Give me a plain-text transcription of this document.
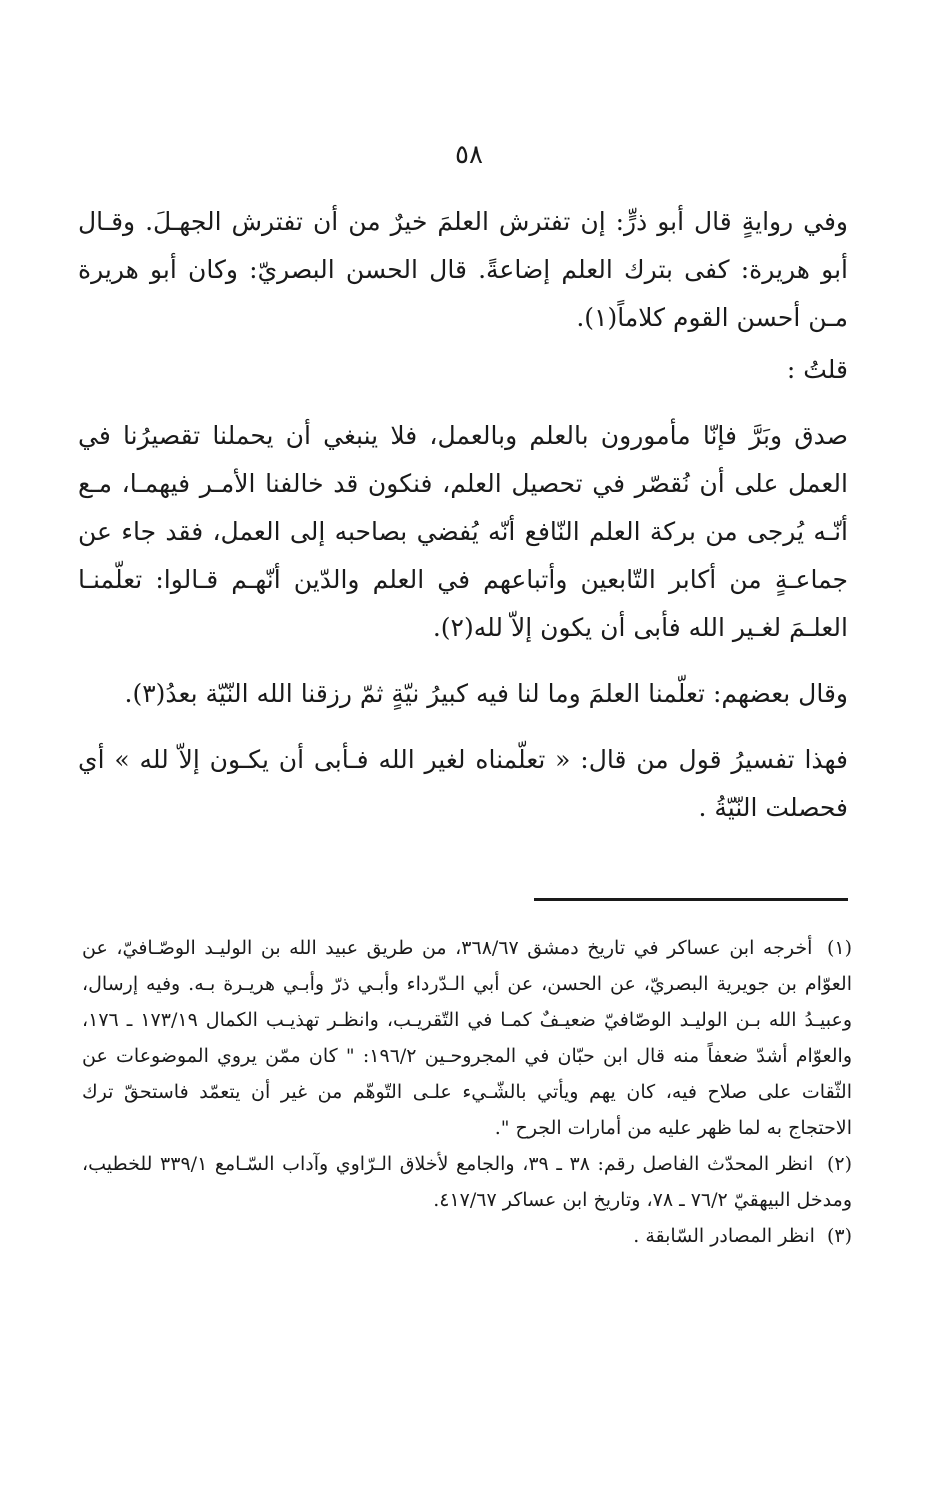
٥٨

وفي روايةٍ قال أبو ذرٍّ: إن تفترش العلمَ خيرٌ من أن تفترش الجهـلَ. وقـال أبو هريرة: كفى بترك العلم إضاعةً. قال الحسن البصريّ: وكان أبو هريرة مـن أحسن القوم كلاماً(١).

قلتُ :

صدق وبَرَّ فإنّا مأمورون بالعلم وبالعمل، فلا ينبغي أن يحملنا تقصيرُنا في العمل على أن نُقصّر في تحصيل العلم، فنكون قد خالفنا الأمـر فيهمـا، مـع أنّـه يُرجى من بركة العلم النّافع أنّه يُفضي بصاحبه إلى العمل، فقد جاء عن جماعـةٍ من أكابر التّابعين وأتباعهم في العلم والدّين أنّهـم قـالوا: تعلّمنـا العلـمَ لغـير الله فأبى أن يكون إلاّ لله(٢).

وقال بعضهم: تعلّمنا العلمَ وما لنا فيه كبيرُ نيّةٍ ثمّ رزقنا الله النّيّة بعدُ(٣).

فهذا تفسيرُ قول من قال: « تعلّمناه لغير الله فـأبى أن يكـون إلاّ لله » أي فحصلت النّيّةُ .

(١) أخرجه ابن عساكر في تاريخ دمشق ٣٦٨/٦٧، من طريق عبيد الله بن الوليـد الوصّـافيّ، عن العوّام بن جويرية البصريّ، عن الحسن، عن أبي الـدّرداء وأبـي ذرّ وأبـي هريـرة بـه. وفيه إرسال، وعبيـدُ الله بـن الوليـد الوصّافيّ ضعيـفٌ كمـا في التّقريـب، وانظـر تهذيـب الكمال ١٧٣/١٩ ـ ١٧٦، والعوّام أشدّ ضعفاً منه قال ابن حبّان في المجروحـين ١٩٦/٢: " كان ممّن يروي الموضوعات عن الثّقات على صلاح فيه، كان يهم ويأتي بالشّـيء علـى التّوهّم من غير أن يتعمّد فاستحقّ ترك الاحتجاج به لما ظهر عليه من أمارات الجرح ".

(٢) انظر المحدّث الفاصل رقم: ٣٨ ـ ٣٩، والجامع لأخلاق الـرّاوي وآداب السّـامع ٣٣٩/١ للخطيب، ومدخل البيهقيّ ٧٦/٢ ـ ٧٨، وتاريخ ابن عساكر ٤١٧/٦٧.

(٣) انظر المصادر السّابقة .
